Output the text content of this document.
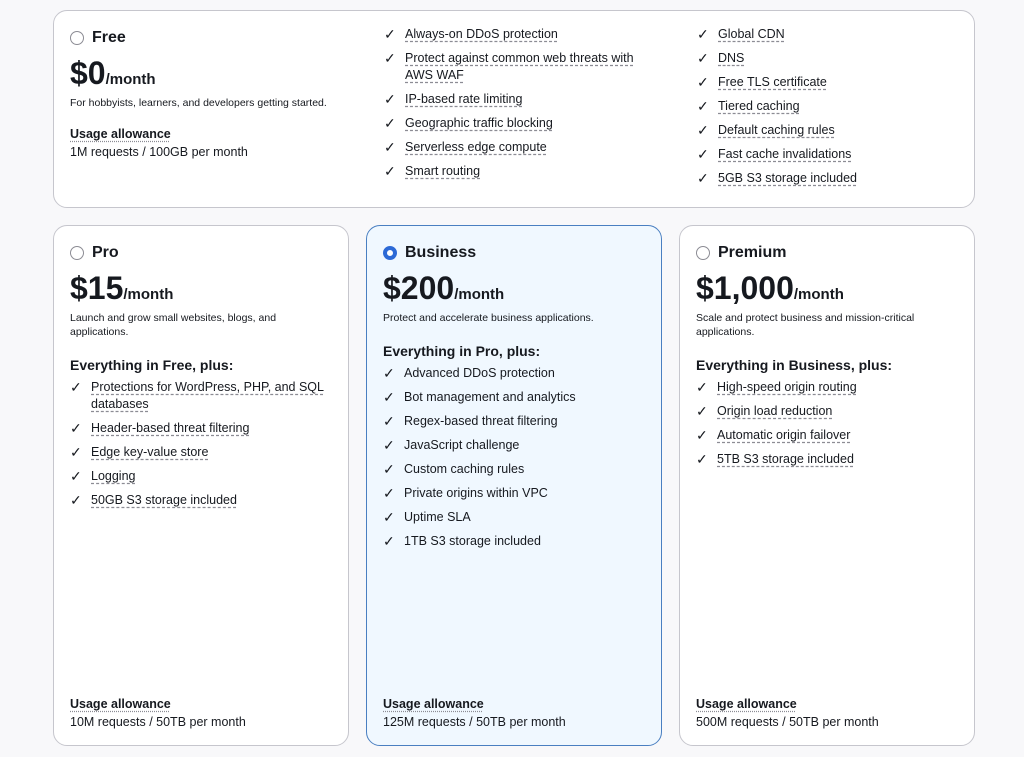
Free
$0/month
For hobbyists, learners, and developers getting started.
Usage allowance
1M requests / 100GB per month
✓ Always-on DDoS protection
✓ Protect against common web threats with AWS WAF
✓ IP-based rate limiting
✓ Geographic traffic blocking
✓ Serverless edge compute
✓ Smart routing
✓ Global CDN
✓ DNS
✓ Free TLS certificate
✓ Tiered caching
✓ Default caching rules
✓ Fast cache invalidations
✓ 5GB S3 storage included
Pro
$15/month
Launch and grow small websites, blogs, and applications.
Everything in Free, plus:
✓ Protections for WordPress, PHP, and SQL databases
✓ Header-based threat filtering
✓ Edge key-value store
✓ Logging
✓ 50GB S3 storage included
Usage allowance
10M requests / 50TB per month
Business
$200/month
Protect and accelerate business applications.
Everything in Pro, plus:
✓ Advanced DDoS protection
✓ Bot management and analytics
✓ Regex-based threat filtering
✓ JavaScript challenge
✓ Custom caching rules
✓ Private origins within VPC
✓ Uptime SLA
✓ 1TB S3 storage included
Usage allowance
125M requests / 50TB per month
Premium
$1,000/month
Scale and protect business and mission-critical applications.
Everything in Business, plus:
✓ High-speed origin routing
✓ Origin load reduction
✓ Automatic origin failover
✓ 5TB S3 storage included
Usage allowance
500M requests / 50TB per month
